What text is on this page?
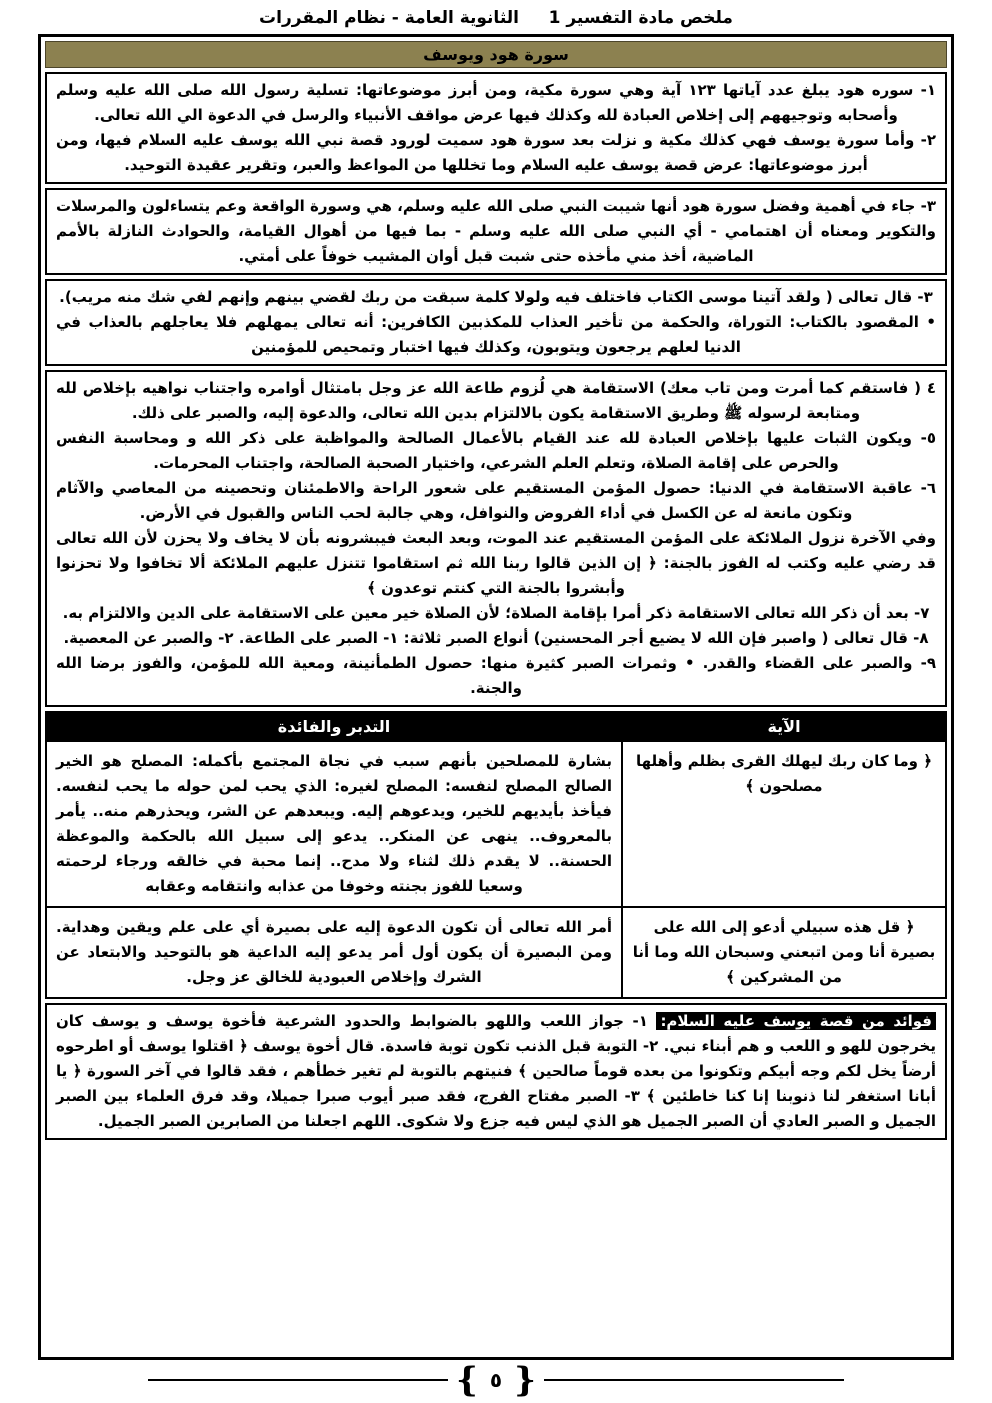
ملخص مادة التفسير 1     الثانوية العامة - نظام المقررات
سورة هود ويوسف

١- سوره هود يبلغ عدد آياتها ١٢٣ آية وهي سورة مكية، ومن أبرز موضوعاتها: تسلية رسول الله صلى الله عليه وسلم وأصحابه وتوجيههم إلى إخلاص العبادة لله وكذلك فيها عرض مواقف الأنبياء والرسل في الدعوة الي الله تعالى.

٢- وأما سورة يوسف فهي كذلك مكية و نزلت بعد سورة هود سميت لورود قصة نبي الله يوسف عليه السلام فيها، ومن أبرز موضوعاتها: عرض قصة يوسف عليه السلام وما تخللها من المواعظ والعبر، وتقرير عقيدة التوحيد.

٣- جاء في أهمية وفضل سورة هود أنها شيبت النبي صلى الله عليه وسلم، هي وسورة الواقعة وعم يتساءلون والمرسلات والتكوير ومعناه أن اهتمامي - أي النبي صلى الله عليه وسلم - بما فيها من أهوال القيامة، والحوادث النازلة بالأمم الماضية، أخذ مني مأخذه حتى شبت قبل أوان المشيب خوفاً على أمتي.

٣- قال تعالى ( ولقد آتينا موسى الكتاب فاختلف فيه ولولا كلمة سبقت من ربك لقضي بينهم وإنهم لفي شك منه مريب).

• المقصود بالكتاب: التوراة، والحكمة من تأخير العذاب للمكذبين الكافرين: أنه تعالى يمهلهم فلا يعاجلهم بالعذاب في الدنيا لعلهم يرجعون ويتوبون، وكذلك فيها اختبار وتمحيص للمؤمنين

٤ ( فاستقم كما أمرت ومن تاب معك) الاستقامة هي لُزوم طاعة الله عز وجل بامتثال أوامره واجتناب نواهيه بإخلاص لله ومتابعة لرسوله ﷺ وطريق الاستقامة يكون بالالتزام بدين الله تعالى، والدعوة إليه، والصبر على ذلك.

٥- ويكون الثبات عليها بإخلاص العبادة لله عند القيام بالأعمال الصالحة والمواظبة على ذكر الله و ومحاسبة النفس والحرص على إقامة الصلاة، وتعلم العلم الشرعي، واختيار الصحبة الصالحة، واجتناب المحرمات.

٦- عاقبة الاستقامة في الدنيا: حصول المؤمن المستقيم على شعور الراحة والاطمئنان وتحصينه من المعاصي والآثام وتكون مانعة له عن الكسل في أداء الفروض والنوافل، وهي جالبة لحب الناس والقبول في الأرض.

وفي الآخرة نزول الملائكة على المؤمن المستقيم عند الموت، وبعد البعث فيبشرونه بأن لا يخاف ولا يحزن لأن الله تعالى قد رضي عليه وكتب له الفوز بالجنة: ﴿ إن الذين قالوا ربنا الله ثم استقاموا تتنزل عليهم الملائكة ألا تخافوا ولا تحزنوا وأبشروا بالجنة التي كنتم توعدون ﴾

٧- بعد أن ذكر الله تعالى الاستقامة ذكر أمرا بإقامة الصلاة؛ لأن الصلاة خير معين على الاستقامة على الدين والالتزام به.

٨- قال تعالى ( واصبر فإن الله لا يضيع أجر المحسنين) أنواع الصبر ثلاثة: ١- الصبر على الطاعة. ٢- والصبر عن المعصية.

٩- والصبر على القضاء والقدر. • وثمرات الصبر كثيرة منها: حصول الطمأنينة، ومعية الله للمؤمن، والفوز برضا الله والجنة.

الآية	التدبر والفائدة
﴿ وما كان ربك ليهلك القرى بظلم وأهلها مصلحون ﴾	بشارة للمصلحين بأنهم سبب في نجاة المجتمع بأكمله: المصلح هو الخير الصالح المصلح لنفسه: المصلح لغيره: الذي يحب لمن حوله ما يحب لنفسه. فيأخذ بأيديهم للخير، ويدعوهم إليه. ويبعدهم عن الشر، ويحذرهم منه.. يأمر بالمعروف.. ينهى عن المنكر.. يدعو إلى سبيل الله بالحكمة والموعظة الحسنة.. لا يقدم ذلك لثناء ولا مدح.. إنما محبة في خالقه ورجاء لرحمته وسعيا للفوز بجنته وخوفا من عذابه وانتقامه وعقابه
﴿ قل هذه سبيلي أدعو إلى الله على بصيرة أنا ومن اتبعني وسبحان الله وما أنا من المشركين ﴾	أمر الله تعالى أن تكون الدعوة إليه على بصيرة أي على علم ويقين وهداية. ومن البصيرة أن يكون أول أمر يدعو إليه الداعية هو بالتوحيد والابتعاد عن الشرك وإخلاص العبودية للخالق عز وجل.

فوائد من قصة يوسف عليه السلام: ١- جواز اللعب واللهو بالضوابط والحدود الشرعية فأخوة يوسف و يوسف كان يخرجون للهو و اللعب و هم أبناء نبي. ٢- التوبة قبل الذنب تكون توبة فاسدة. قال أخوة يوسف ﴿ اقتلوا يوسف أو اطرحوه أرضاً يخل لكم وجه أبيكم وتكونوا من بعده قوماً صالحين ﴾ فنيتهم بالتوبة لم تغير خطأهم ، فقد قالوا في آخر السورة ﴿ يا أبانا استغفر لنا ذنوبنا إنا كنا خاطئين ﴾ ٣- الصبر مفتاح الفرج، فقد صبر أيوب صبرا جميلا، وقد فرق العلماء بين الصبر الجميل و الصبر العادي أن الصبر الجميل هو الذي ليس فيه جزع ولا شكوى. اللهم اجعلنا من الصابرين الصبر الجميل.

{ ٥ }
